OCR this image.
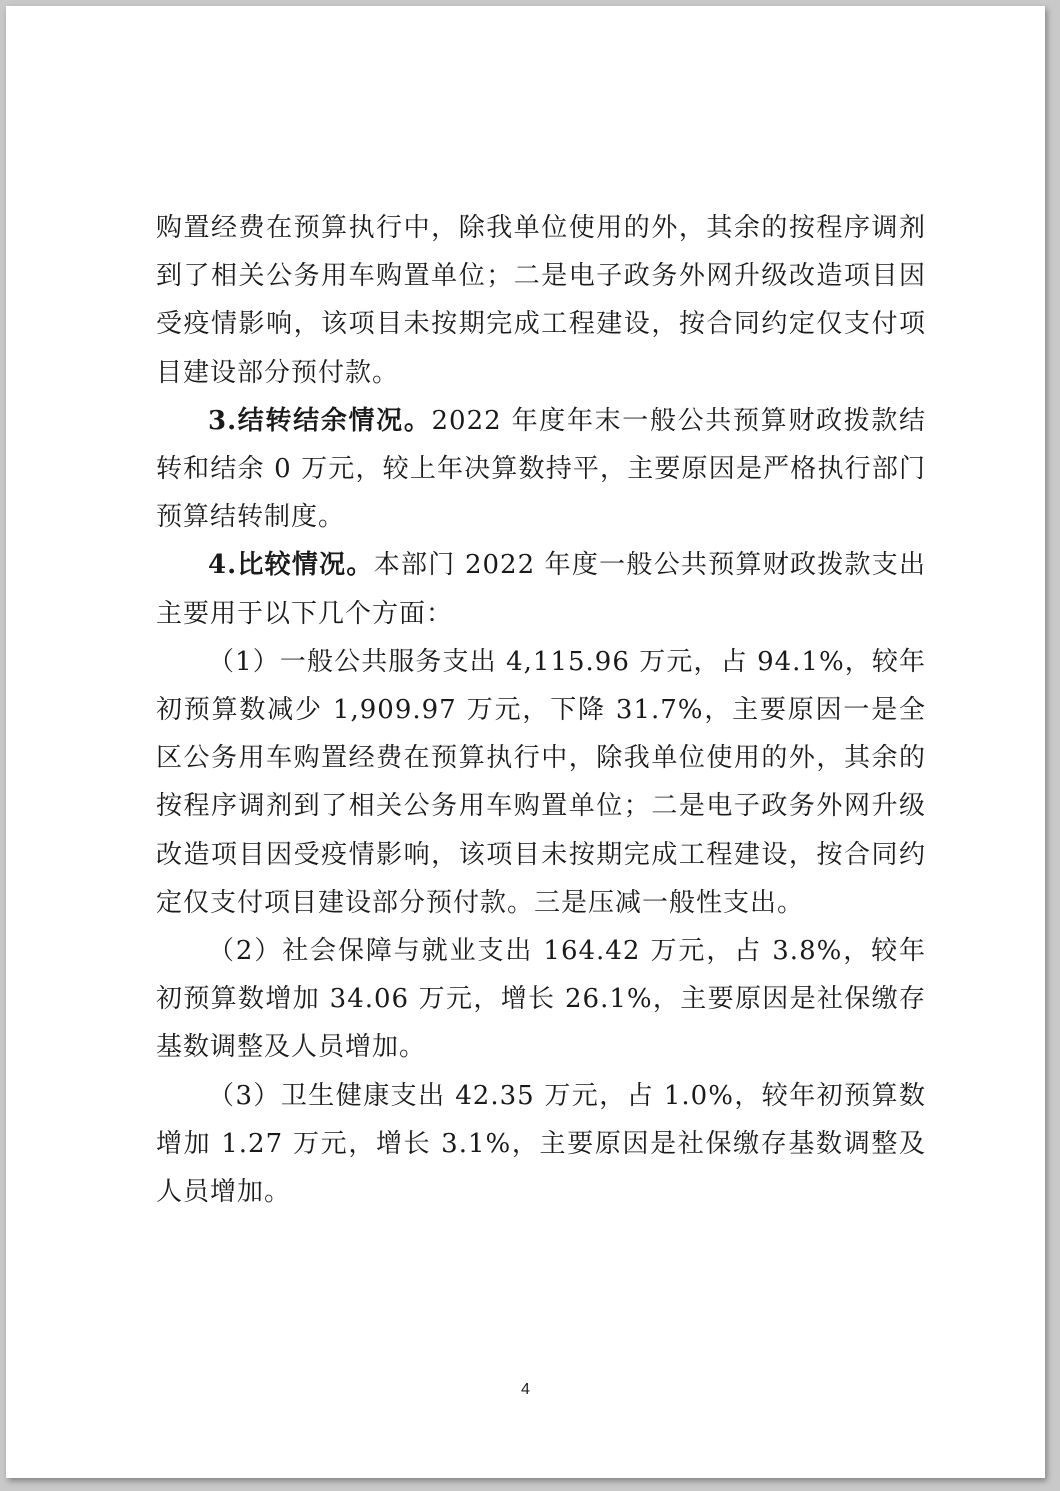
购置经费在预算执行中，除我单位使用的外，其余的按程序调剂到了相关公务用车购置单位；二是电子政务外网升级改造项目因受疫情影响，该项目未按期完成工程建设，按合同约定仅支付项目建设部分预付款。

3.结转结余情况。2022 年度年末一般公共预算财政拨款结转和结余 0 万元，较上年决算数持平，主要原因是严格执行部门预算结转制度。

4.比较情况。本部门 2022 年度一般公共预算财政拨款支出主要用于以下几个方面：

（1）一般公共服务支出 4,115.96 万元，占 94.1%，较年初预算数减少 1,909.97 万元，下降 31.7%，主要原因一是全区公务用车购置经费在预算执行中，除我单位使用的外，其余的按程序调剂到了相关公务用车购置单位；二是电子政务外网升级改造项目因受疫情影响，该项目未按期完成工程建设，按合同约定仅支付项目建设部分预付款。三是压减一般性支出。

（2）社会保障与就业支出 164.42 万元，占 3.8%，较年初预算数增加 34.06 万元，增长 26.1%，主要原因是社保缴存基数调整及人员增加。

（3）卫生健康支出 42.35 万元，占 1.0%，较年初预算数增加 1.27 万元，增长 3.1%，主要原因是社保缴存基数调整及人员增加。

4
